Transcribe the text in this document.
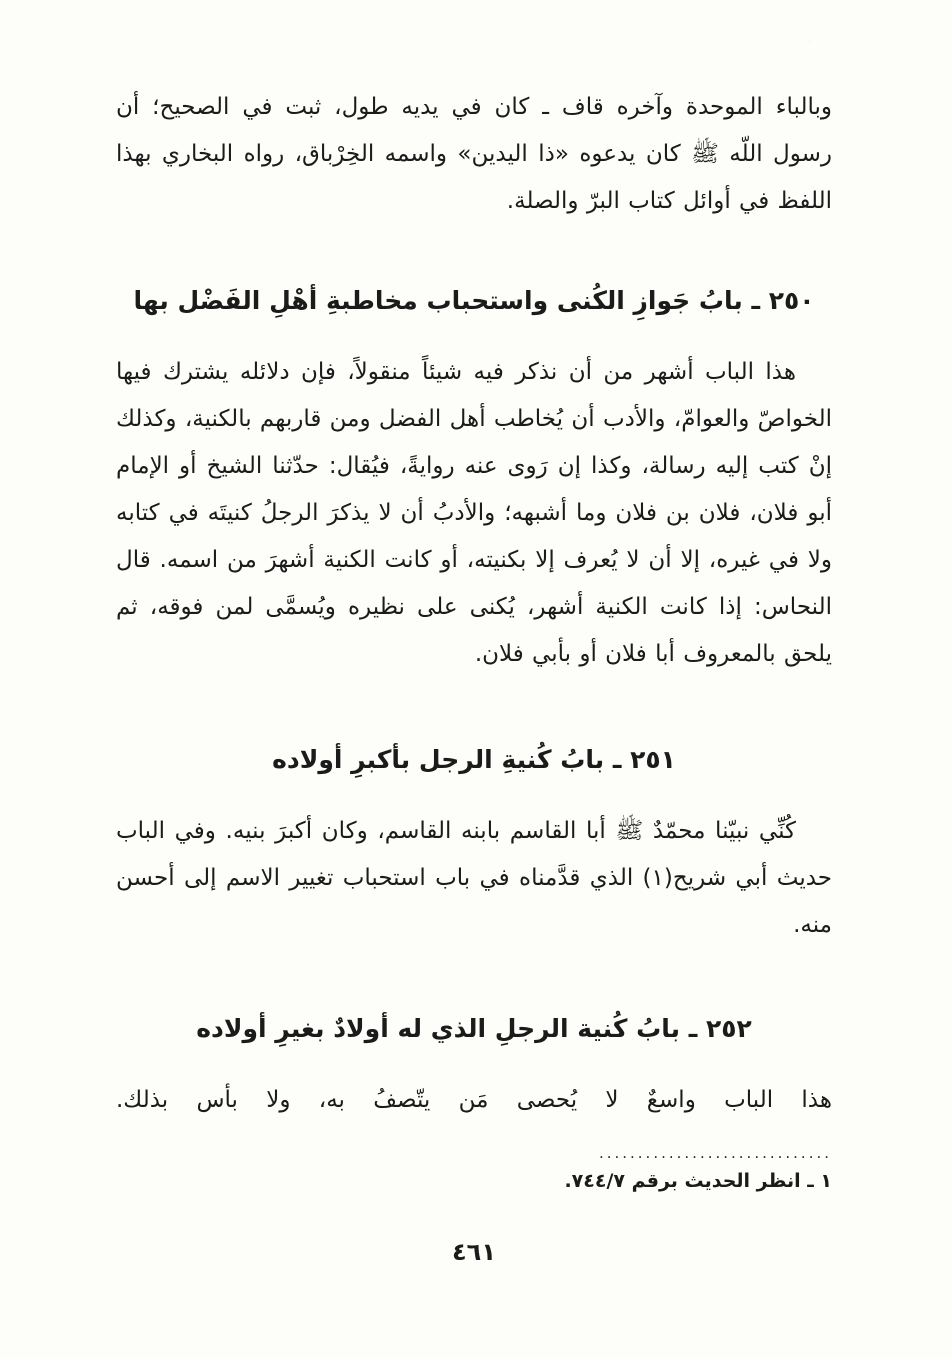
وبالباء الموحدة وآخره قاف ـ كان في يديه طول، ثبت في الصحيح؛ أن رسول اللّه ﷺ كان يدعوه «ذا اليدين» واسمه الخِرْباق، رواه البخاري بهذا اللفظ في أوائل كتاب البرّ والصلة.

٢٥٠ ـ بابُ جَوازِ الكُنى واستحباب مخاطبةِ أهْلِ الفَضْل بها

هذا الباب أشهر من أن نذكر فيه شيئاً منقولاً، فإن دلائله يشترك فيها الخواصّ والعوامّ، والأدب أن يُخاطب أهل الفضل ومن قاربهم بالكنية، وكذلك إنْ كتب إليه رسالة، وكذا إن رَوى عنه روايةً، فيُقال: حدّثنا الشيخ أو الإمام أبو فلان، فلان بن فلان وما أشبهه؛ والأدبُ أن لا يذكرَ الرجلُ كنيتَه في كتابه ولا في غيره، إلا أن لا يُعرف إلا بكنيته، أو كانت الكنية أشهرَ من اسمه. قال النحاس: إذا كانت الكنية أشهر، يُكنى على نظيره ويُسمَّى لمن فوقه، ثم يلحق بالمعروف أبا فلان أو بأبي فلان.

٢٥١ ـ بابُ كُنيةِ الرجل بأكبرِ أولاده

كُنِّي نبيّنا محمّدٌ ﷺ أبا القاسم بابنه القاسم، وكان أكبرَ بنيه. وفي الباب حديث أبي شريح(١) الذي قدَّمناه في باب استحباب تغيير الاسم إلى أحسن منه.

٢٥٢ ـ بابُ كُنية الرجلِ الذي له أولادٌ بغيرِ أولاده

هذا الباب واسعٌ لا يُحصى مَن يتّصفُ به، ولا بأس بذلك.

..............................
١ ـ انظر الحديث برقم ٧٤٤/٧.
٤٦١
